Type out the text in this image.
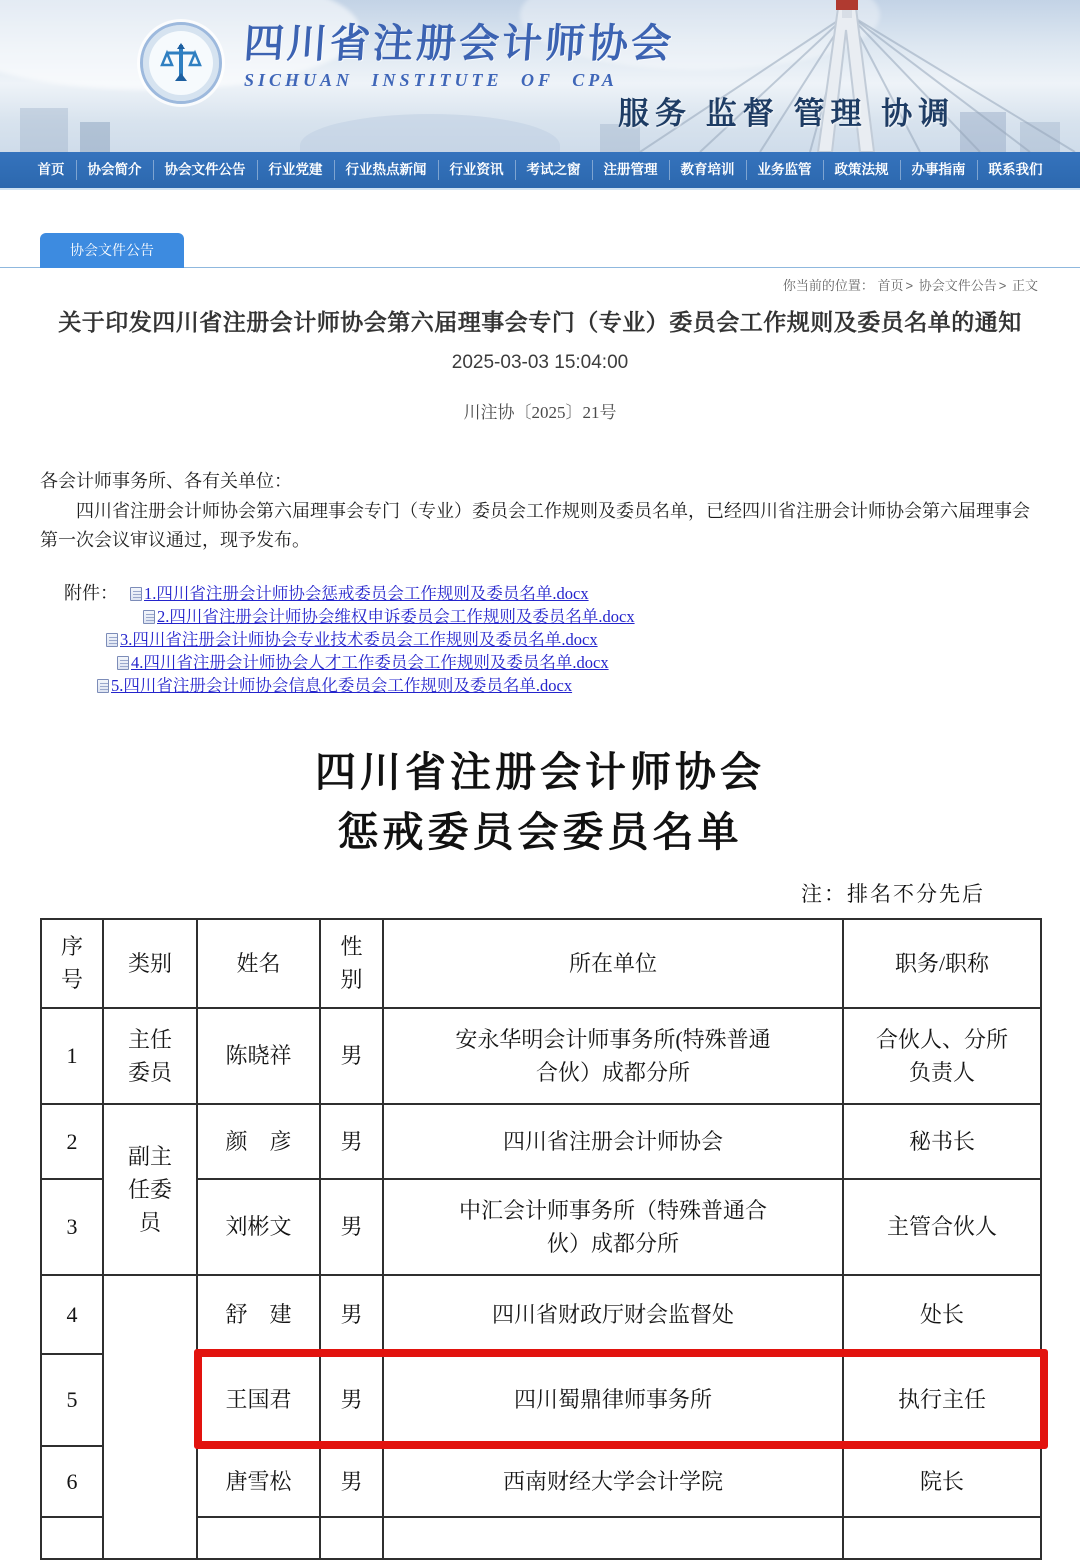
四川省注册会计师协会
SICHUAN INSTITUTE OF CPA
服务 监督 管理 协调
首页	协会简介	协会文件公告	行业党建	行业热点新闻	行业资讯	考试之窗	注册管理	教育培训	业务监管	政策法规	办事指南	联系我们
协会文件公告
你当前的位置： 首页 > 协会文件公告 > 正文
关于印发四川省注册会计师协会第六届理事会专门（专业）委员会工作规则及委员名单的通知
2025-03-03 15:04:00
川注协〔2025〕21号

各会计师事务所、各有关单位：

四川省注册会计师协会第六届理事会专门（专业）委员会工作规则及委员名单，已经四川省注册会计师协会第六届理事会第一次会议审议通过，现予发布。

附件： 1.四川省注册会计师协会惩戒委员会工作规则及委员名单.docx
2.四川省注册会计师协会维权申诉委员会工作规则及委员名单.docx
3.四川省注册会计师协会专业技术委员会工作规则及委员名单.docx
4.四川省注册会计师协会人才工作委员会工作规则及委员名单.docx
5.四川省注册会计师协会信息化委员会工作规则及委员名单.docx
四川省注册会计师协会
惩戒委员会委员名单
注：排名不分先后
序号	类别	姓名	性别	所在单位	职务/职称
1	主任委员	陈晓祥	男	安永华明会计师事务所(特殊普通
合伙）成都分所	合伙人、分所
负责人
2	副主任委员	颜　彦	男	四川省注册会计师协会	秘书长
3		刘彬文	男	中汇会计师事务所（特殊普通合
伙）成都分所	主管合伙人
4		舒　建	男	四川省财政厅财会监督处	处长
5		王国君	男	四川蜀鼎律师事务所	执行主任
6		唐雪松	男	西南财经大学会计学院	院长
